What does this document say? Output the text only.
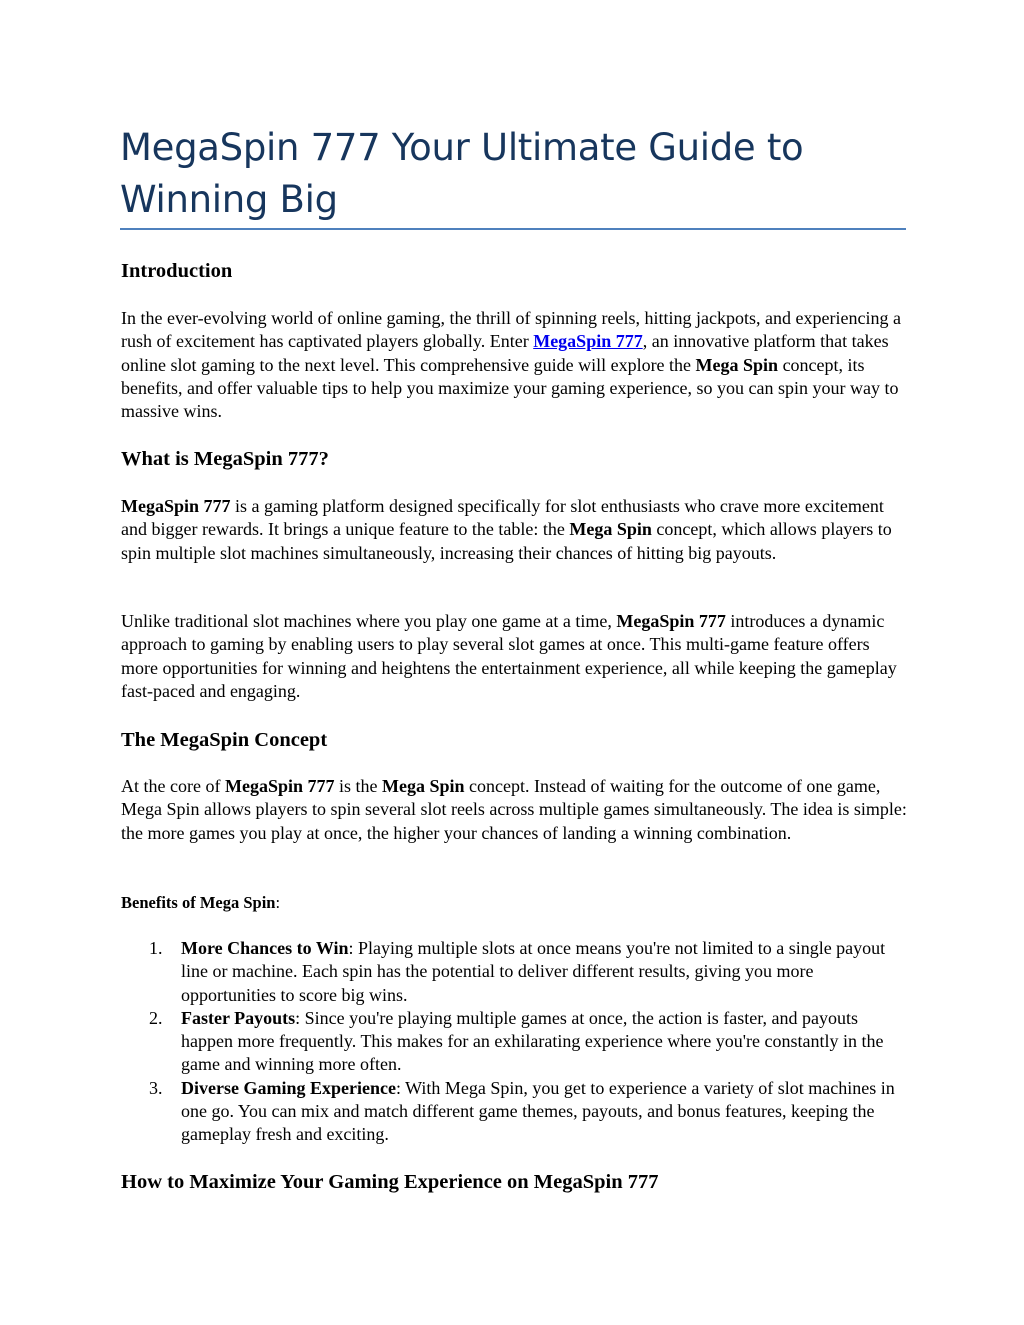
MegaSpin 777 Your Ultimate Guide to Winning Big
Introduction

In the ever-evolving world of online gaming, the thrill of spinning reels, hitting jackpots, and experiencing a rush of excitement has captivated players globally. Enter MegaSpin 777, an innovative platform that takes online slot gaming to the next level. This comprehensive guide will explore the Mega Spin concept, its benefits, and offer valuable tips to help you maximize your gaming experience, so you can spin your way to massive wins.

What is MegaSpin 777?

MegaSpin 777 is a gaming platform designed specifically for slot enthusiasts who crave more excitement and bigger rewards. It brings a unique feature to the table: the Mega Spin concept, which allows players to spin multiple slot machines simultaneously, increasing their chances of hitting big payouts.

Unlike traditional slot machines where you play one game at a time, MegaSpin 777 introduces a dynamic approach to gaming by enabling users to play several slot games at once. This multi-game feature offers more opportunities for winning and heightens the entertainment experience, all while keeping the gameplay fast-paced and engaging.

The MegaSpin Concept

At the core of MegaSpin 777 is the Mega Spin concept. Instead of waiting for the outcome of one game, Mega Spin allows players to spin several slot reels across multiple games simultaneously. The idea is simple: the more games you play at once, the higher your chances of landing a winning combination.

Benefits of Mega Spin:

1. More Chances to Win: Playing multiple slots at once means you're not limited to a single payout line or machine. Each spin has the potential to deliver different results, giving you more opportunities to score big wins.
2. Faster Payouts: Since you're playing multiple games at once, the action is faster, and payouts happen more frequently. This makes for an exhilarating experience where you're constantly in the game and winning more often.
3. Diverse Gaming Experience: With Mega Spin, you get to experience a variety of slot machines in one go. You can mix and match different game themes, payouts, and bonus features, keeping the gameplay fresh and exciting.
How to Maximize Your Gaming Experience on MegaSpin 777
